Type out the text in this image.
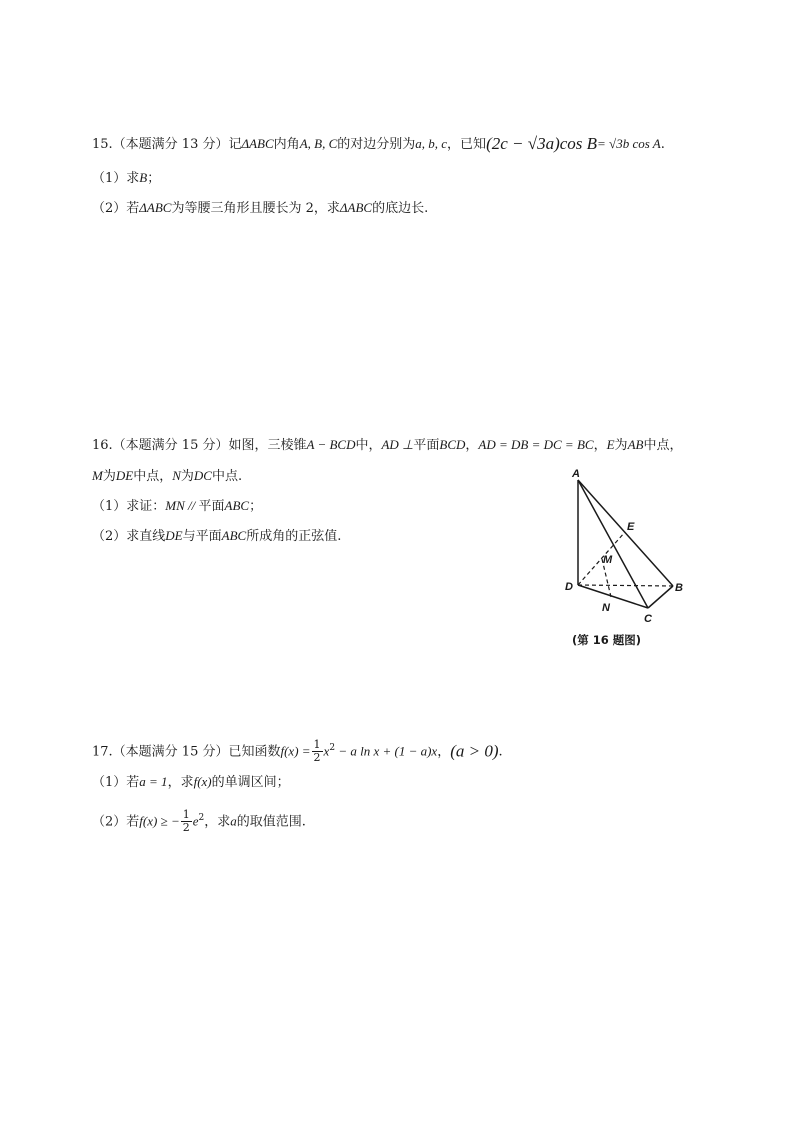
15.（本题满分 13 分）记ΔABC内角A, B, C的对边分别为a, b, c，已知(2c − √3a)cos B= √3b cos A.
（1）求B；
（2）若ΔABC为等腰三角形且腰长为 2，求ΔABC的底边长.
16.（本题满分 15 分）如图，三棱锥A − BCD中，AD ⊥平面BCD，AD = DB = DC = BC，E为AB中点，
M为DE中点，N为DC中点.
（1）求证：MN // 平面ABC；
（2）求直线DE与平面ABC所成角的正弦值.
A
E
M
D	B
N
C
(第 16 题图)
17.（本题满分 15 分）已知函数$f(x) = \frac{1}{2} x^2 - a$ ln x + (1 − a)x，(a > 0).
（1）若a = 1，求f(x)的单调区间；
（2）若f(x) ≥ − $\frac{1}{2} e^2$，求a的取值范围.
